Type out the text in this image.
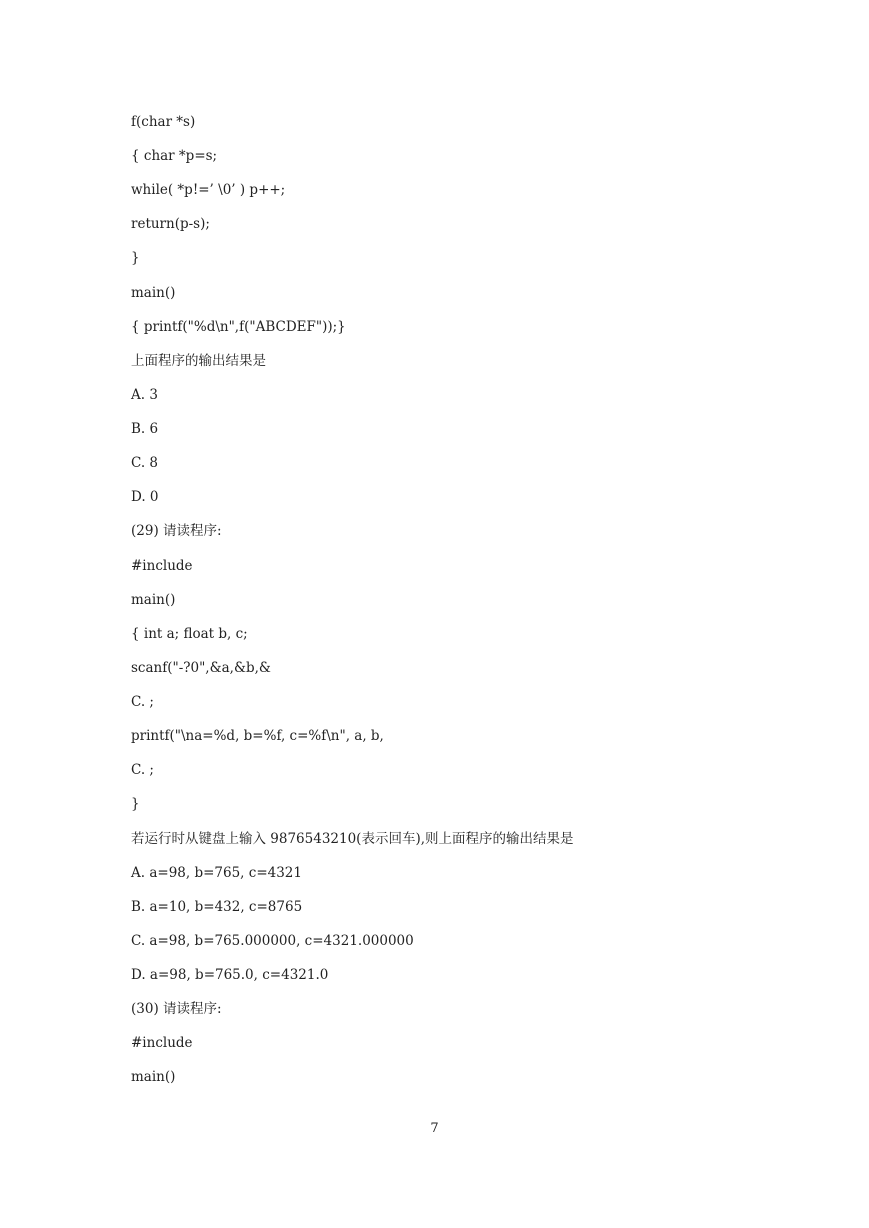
f(char *s)
{ char *p=s;
while( *p!=’ \0’ ) p++;
return(p-s);
}
main()
{ printf("%d\n",f("ABCDEF"));}
上面程序的输出结果是
A. 3
B. 6
C. 8
D. 0
(29) 请读程序:
#include
main()
{ int a; float b, c;
scanf("-?0",&a,&b,&
C. ;
printf("\na=%d, b=%f, c=%f\n", a, b,
C. ;
}
若运行时从键盘上输入 9876543210(表示回车),则上面程序的输出结果是
A. a=98, b=765, c=4321
B. a=10, b=432, c=8765
C. a=98, b=765.000000, c=4321.000000
D. a=98, b=765.0, c=4321.0
(30) 请读程序:
#include
main()
7
